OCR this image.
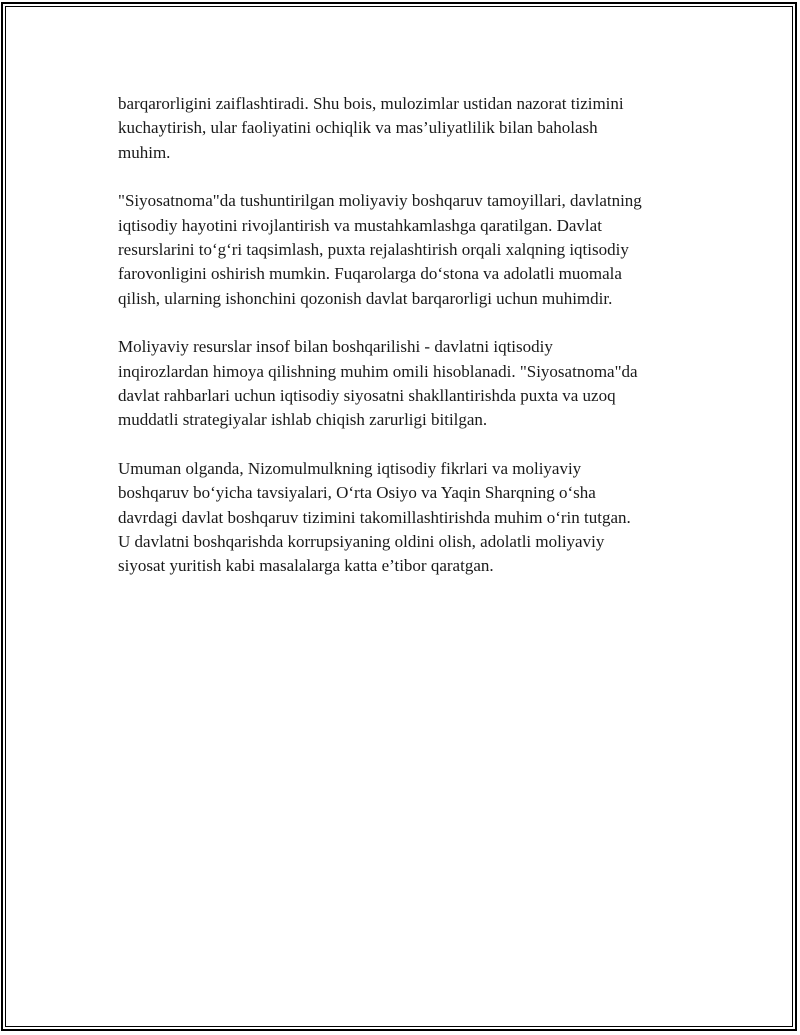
barqarorligini zaiflashtiradi. Shu bois, mulozimlar ustidan nazorat tizimini
kuchaytirish, ular faoliyatini ochiqlik va mas’uliyatlilik bilan baholash
muhim.

"Siyosatnoma"da tushuntirilgan moliyaviy boshqaruv tamoyillari, davlatning
iqtisodiy hayotini rivojlantirish va mustahkamlashga qaratilgan. Davlat
resurslarini to‘g‘ri taqsimlash, puxta rejalashtirish orqali xalqning iqtisodiy
farovonligini oshirish mumkin. Fuqarolarga do‘stona va adolatli muomala
qilish, ularning ishonchini qozonish davlat barqarorligi uchun muhimdir.

Moliyaviy resurslar insof bilan boshqarilishi - davlatni iqtisodiy
inqirozlardan himoya qilishning muhim omili hisoblanadi. "Siyosatnoma"da
davlat rahbarlari uchun iqtisodiy siyosatni shakllantirishda puxta va uzoq
muddatli strategiyalar ishlab chiqish zarurligi bitilgan.

Umuman olganda, Nizomulmulkning iqtisodiy fikrlari va moliyaviy
boshqaruv bo‘yicha tavsiyalari, O‘rta Osiyo va Yaqin Sharqning o‘sha
davrdagi davlat boshqaruv tizimini takomillashtirishda muhim o‘rin tutgan.
U davlatni boshqarishda korrupsiyaning oldini olish, adolatli moliyaviy
siyosat yuritish kabi masalalarga katta e’tibor qaratgan.
